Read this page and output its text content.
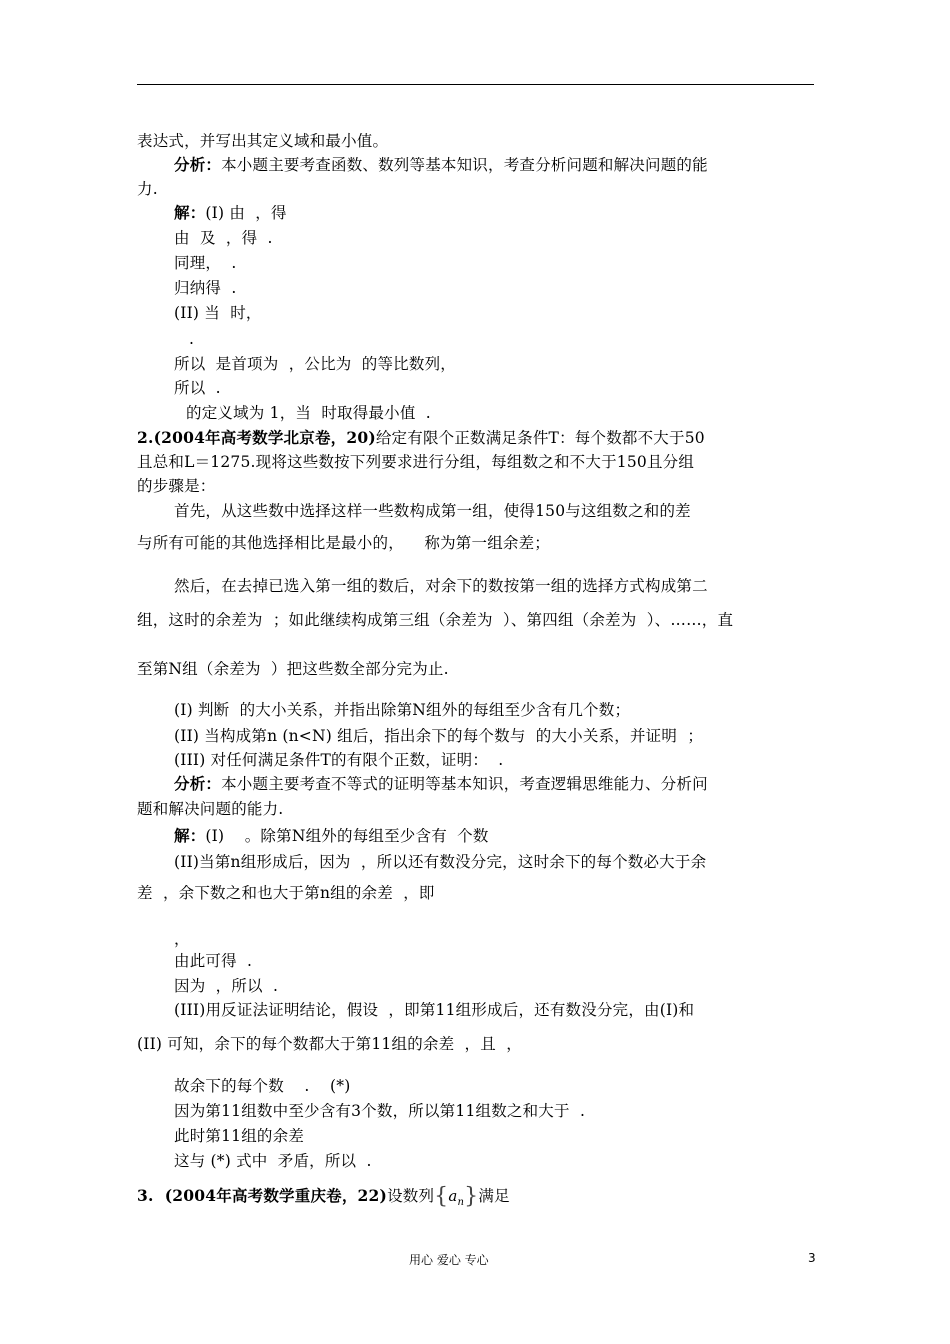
表达式，并写出其定义域和最小值。
分析：本小题主要考查函数、数列等基本知识，考查分析问题和解决问题的能
力.
解：(I) 由  ，得
由  及  ，得  .
同理，  .
归纳得  .
(II) 当  时，
.
所以  是首项为  ，公比为  的等比数列，
所以  .
的定义域为 1，当  时取得最小值  .
2.(2004年高考数学北京卷，20)给定有限个正数满足条件T：每个数都不大于50
且总和L＝1275.现将这些数按下列要求进行分组，每组数之和不大于150且分组
的步骤是：
首先，从这些数中选择这样一些数构成第一组，使得150与这组数之和的差
与所有可能的其他选择相比是最小的，    称为第一组余差；
然后，在去掉已选入第一组的数后，对余下的数按第一组的选择方式构成第二
组，这时的余差为  ；如此继续构成第三组（余差为  ）、第四组（余差为  ）、……，直
至第N组（余差为  ）把这些数全部分完为止.
(I) 判断  的大小关系，并指出除第N组外的每组至少含有几个数；
(II) 当构成第n (n<N) 组后，指出余下的每个数与  的大小关系，并证明  ；
(III) 对任何满足条件T的有限个正数，证明：  .
分析：本小题主要考查不等式的证明等基本知识，考查逻辑思维能力、分析问
题和解决问题的能力.
解：(I)    。除第N组外的每组至少含有  个数
(II)当第n组形成后，因为  ，所以还有数没分完，这时余下的每个数必大于余
差  ，余下数之和也大于第n组的余差  ，即
，
由此可得  .
因为  ，所以  .
(III)用反证法证明结论，假设  ，即第11组形成后，还有数没分完，由(I)和
(II) 可知，余下的每个数都大于第11组的余差  ，且  ，
故余下的每个数    .    (*)
因为第11组数中至少含有3个数，所以第11组数之和大于  .
此时第11组的余差
这与 (*) 式中  矛盾，所以  .
3.  (2004年高考数学重庆卷，22)设数列$\{a_n\}$满足
用心 爱心 专心	3
